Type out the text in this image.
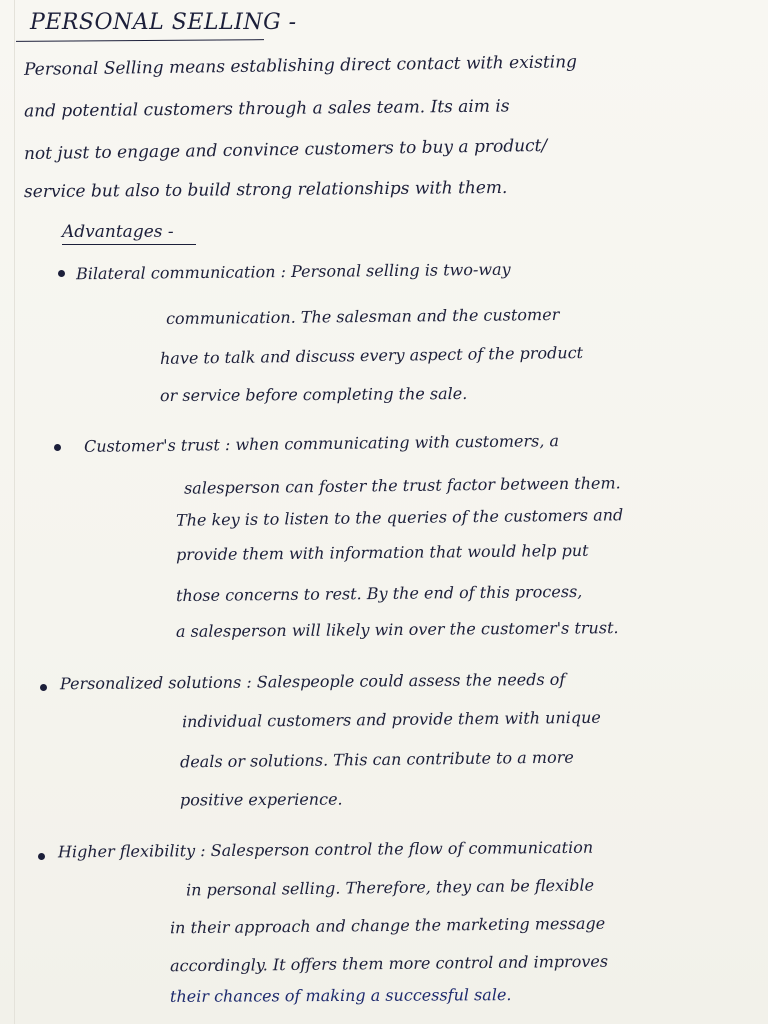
PERSONAL SELLING -
Personal Selling means establishing direct contact with existing
and potential customers through a sales team. Its aim is
not just to engage and convince customers to buy a product/
service but also to build strong relationships with them.
Advantages -
Bilateral communication : Personal selling is two-way
communication. The salesman and the customer
have to talk and discuss every aspect of the product
or service before completing the sale.
Customer's trust : when communicating with customers, a
salesperson can foster the trust factor between them.
The key is to listen to the queries of the customers and
provide them with information that would help put
those concerns to rest. By the end of this process,
a salesperson will likely win over the customer's trust.
Personalized solutions : Salespeople could assess the needs of
individual customers and provide them with unique
deals or solutions. This can contribute to a more
positive experience.
Higher flexibility : Salesperson control the flow of communication
in personal selling. Therefore, they can be flexible
in their approach and change the marketing message
accordingly. It offers them more control and improves
their chances of making a successful sale.
